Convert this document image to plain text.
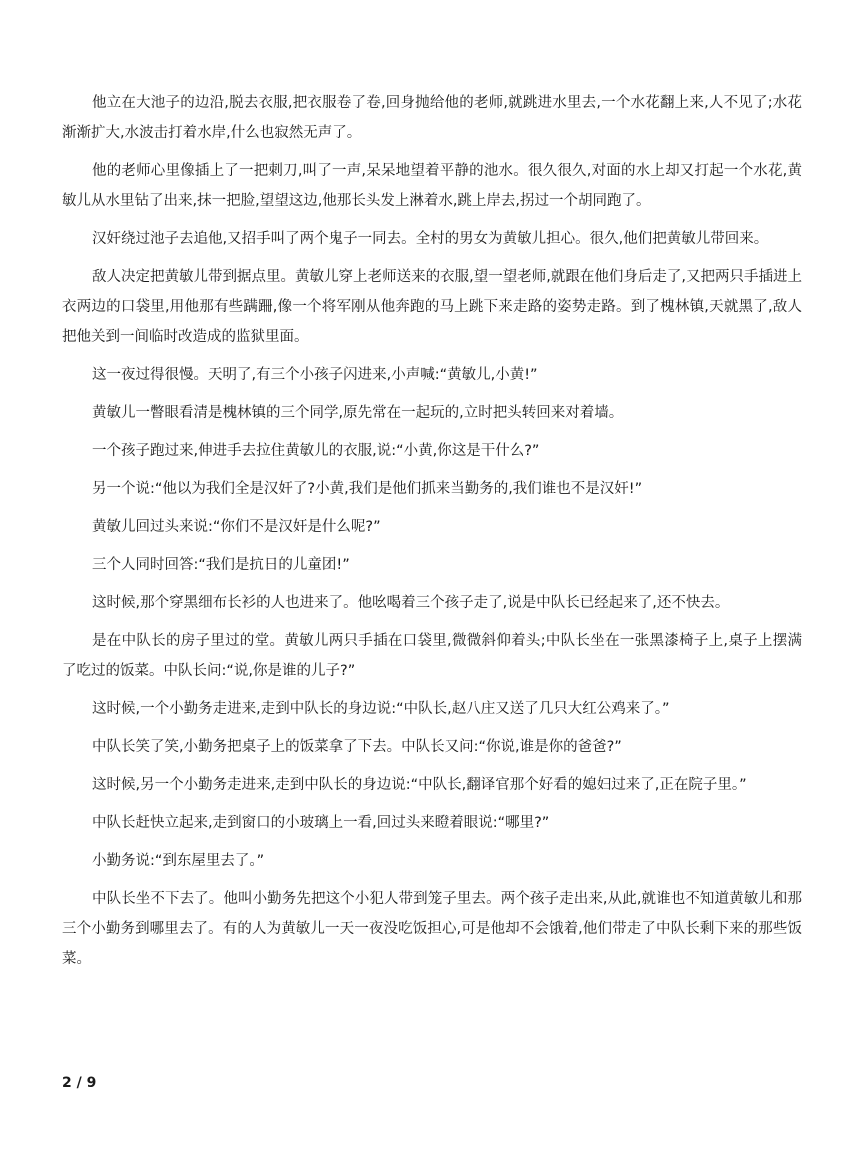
他立在大池子的边沿,脱去衣服,把衣服卷了卷,回身抛给他的老师,就跳进水里去,一个水花翻上来,人不见了;水花渐渐扩大,水波击打着水岸,什么也寂然无声了。

他的老师心里像插上了一把刺刀,叫了一声,呆呆地望着平静的池水。很久很久,对面的水上却又打起一个水花,黄敏儿从水里钻了出来,抹一把脸,望望这边,他那长头发上淋着水,跳上岸去,拐过一个胡同跑了。

汉奸绕过池子去追他,又招手叫了两个鬼子一同去。全村的男女为黄敏儿担心。很久,他们把黄敏儿带回来。

敌人决定把黄敏儿带到据点里。黄敏儿穿上老师送来的衣服,望一望老师,就跟在他们身后走了,又把两只手插进上衣两边的口袋里,用他那有些蹒跚,像一个将军刚从他奔跑的马上跳下来走路的姿势走路。到了槐林镇,天就黑了,敌人把他关到一间临时改造成的监狱里面。

这一夜过得很慢。天明了,有三个小孩子闪进来,小声喊:“黄敏儿,小黄!”

黄敏儿一瞥眼看清是槐林镇的三个同学,原先常在一起玩的,立时把头转回来对着墙。

一个孩子跑过来,伸进手去拉住黄敏儿的衣服,说:“小黄,你这是干什么?”

另一个说:“他以为我们全是汉奸了?小黄,我们是他们抓来当勤务的,我们谁也不是汉奸!”

黄敏儿回过头来说:“你们不是汉奸是什么呢?”

三个人同时回答:“我们是抗日的儿童团!”

这时候,那个穿黑细布长衫的人也进来了。他吆喝着三个孩子走了,说是中队长已经起来了,还不快去。

是在中队长的房子里过的堂。黄敏儿两只手插在口袋里,微微斜仰着头;中队长坐在一张黑漆椅子上,桌子上摆满了吃过的饭菜。中队长问:“说,你是谁的儿子?”

这时候,一个小勤务走进来,走到中队长的身边说:“中队长,赵八庄又送了几只大红公鸡来了。”

中队长笑了笑,小勤务把桌子上的饭菜拿了下去。中队长又问:“你说,谁是你的爸爸?”

这时候,另一个小勤务走进来,走到中队长的身边说:“中队长,翻译官那个好看的媳妇过来了,正在院子里。”

中队长赶快立起来,走到窗口的小玻璃上一看,回过头来瞪着眼说:“哪里?”

小勤务说:“到东屋里去了。”

中队长坐不下去了。他叫小勤务先把这个小犯人带到笼子里去。两个孩子走出来,从此,就谁也不知道黄敏儿和那三个小勤务到哪里去了。有的人为黄敏儿一天一夜没吃饭担心,可是他却不会饿着,他们带走了中队长剩下来的那些饭菜。

2 / 9
